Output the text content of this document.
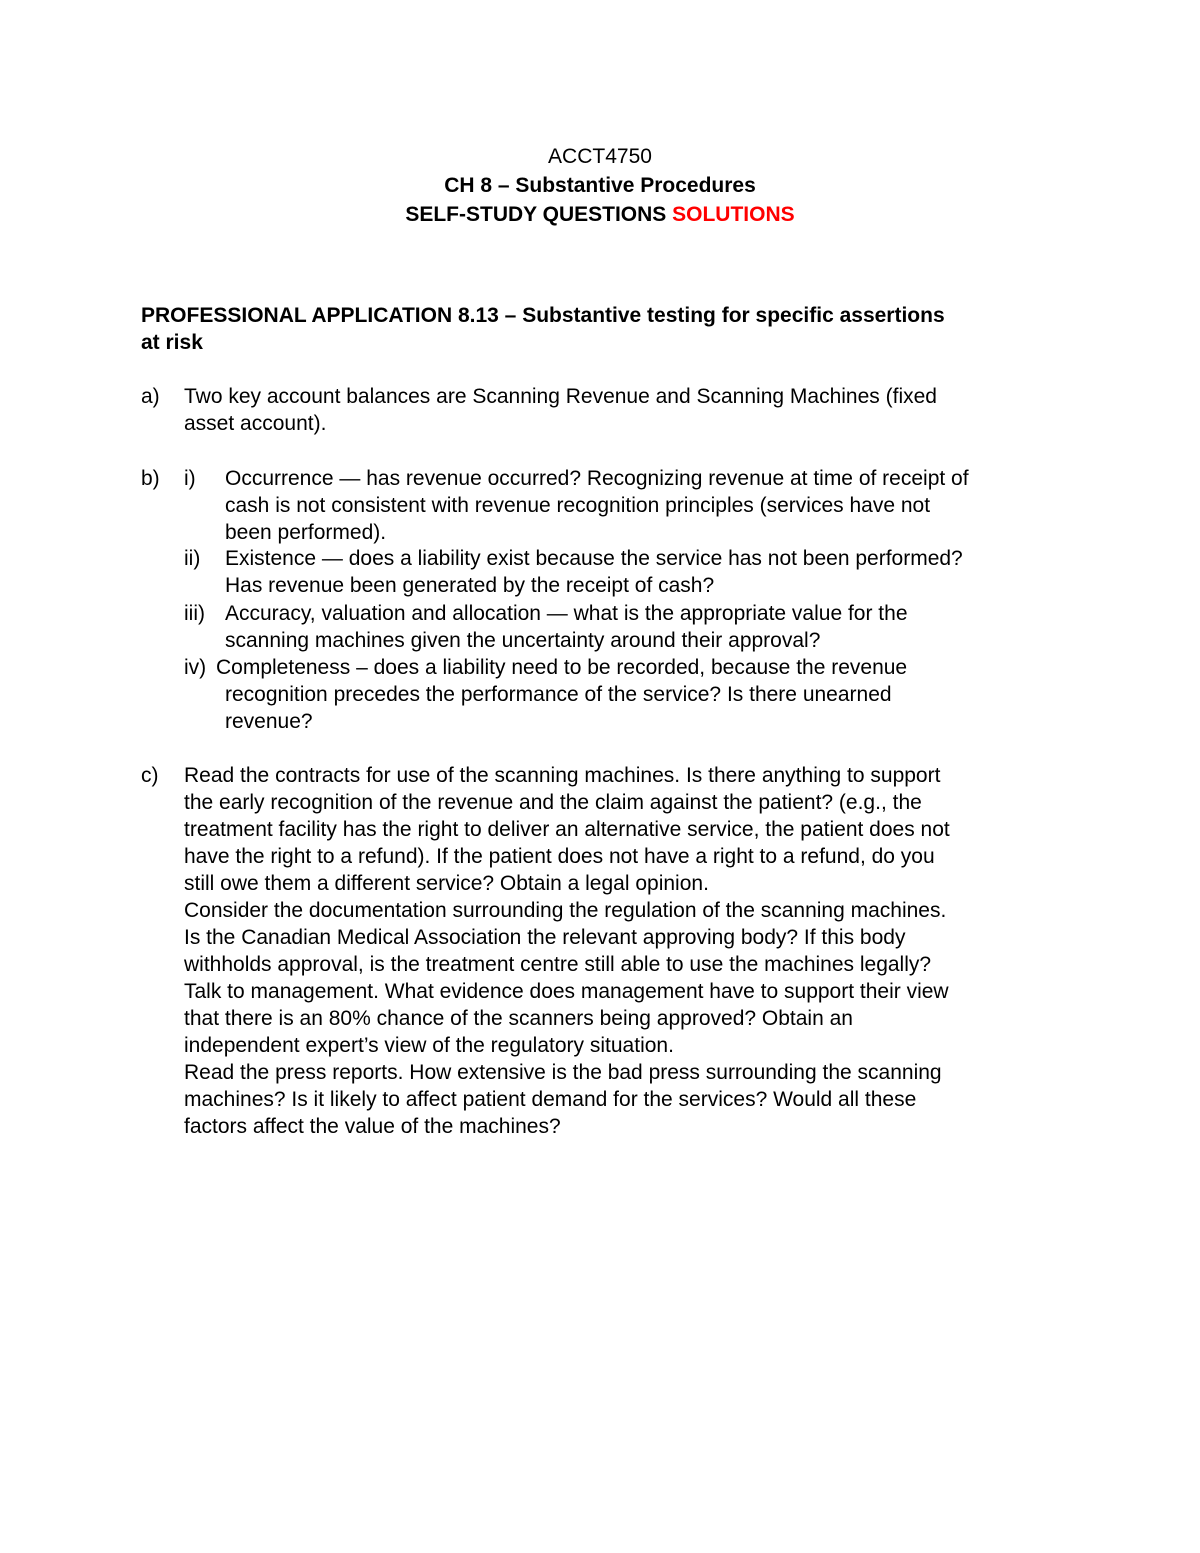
ACCT4750
CH 8 – Substantive Procedures
SELF-STUDY QUESTIONS SOLUTIONS
PROFESSIONAL APPLICATION 8.13 – Substantive testing for specific assertions
at risk
a) Two key account balances are Scanning Revenue and Scanning Machines (fixed
asset account).
b) i) Occurrence — has revenue occurred? Recognizing revenue at time of receipt of
cash is not consistent with revenue recognition principles (services have not
been performed).
ii) Existence — does a liability exist because the service has not been performed?
Has revenue been generated by the receipt of cash?
iii) Accuracy, valuation and allocation — what is the appropriate value for the
scanning machines given the uncertainty around their approval?
iv) Completeness – does a liability need to be recorded, because the revenue
recognition precedes the performance of the service? Is there unearned
revenue?
c) Read the contracts for use of the scanning machines. Is there anything to support
the early recognition of the revenue and the claim against the patient? (e.g., the
treatment facility has the right to deliver an alternative service, the patient does not
have the right to a refund). If the patient does not have a right to a refund, do you
still owe them a different service? Obtain a legal opinion.
Consider the documentation surrounding the regulation of the scanning machines.
Is the Canadian Medical Association the relevant approving body? If this body
withholds approval, is the treatment centre still able to use the machines legally?
Talk to management. What evidence does management have to support their view
that there is an 80% chance of the scanners being approved? Obtain an
independent expert’s view of the regulatory situation.
Read the press reports. How extensive is the bad press surrounding the scanning
machines? Is it likely to affect patient demand for the services? Would all these
factors affect the value of the machines?
